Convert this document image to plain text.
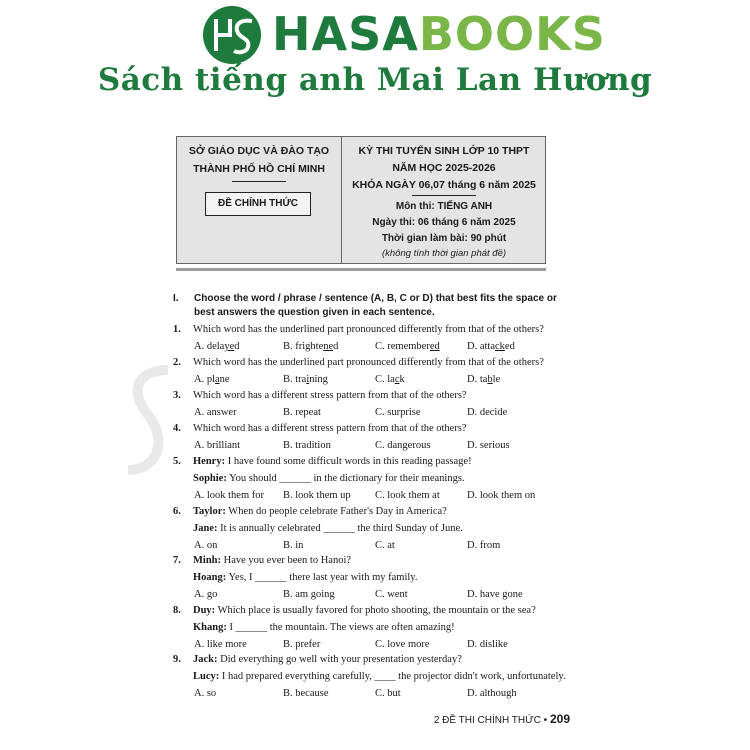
HASABOOKS
Sách tiếng anh Mai Lan Hương
SỞ GIÁO DỤC VÀ ĐÀO TẠO
THÀNH PHỐ HỒ CHÍ MINH
ĐỀ CHÍNH THỨC
KỲ THI TUYỂN SINH LỚP 10 THPT
NĂM HỌC 2025-2026
KHÓA NGÀY 06,07 tháng 6 năm 2025
Môn thi: TIẾNG ANH
Ngày thi: 06 tháng 6 năm 2025
Thời gian làm bài: 90 phút
(không tính thời gian phát đề)
I. Choose the word / phrase / sentence (A, B, C or D) that best fits the space or best answers the question given in each sentence.
1. Which word has the underlined part pronounced differently from that of the others?
A. delayed	B. frightened	C. remembered	D. attacked
2. Which word has the underlined part pronounced differently from that of the others?
A. plane	B. training	C. lack	D. table
3. Which word has a different stress pattern from that of the others?
A. answer	B. repeat	C. surprise	D. decide
4. Which word has a different stress pattern from that of the others?
A. brilliant	B. tradition	C. dangerous	D. serious
5. Henry: I have found some difficult words in this reading passage!
Sophie: You should ______ in the dictionary for their meanings.
A. look them for B. look them up C. look them at	D. look them on
6. Taylor: When do people celebrate Father's Day in America?
Jane: It is annually celebrated ______ the third Sunday of June.
A. on	B. in	C. at	D. from
7. Minh: Have you ever been to Hanoi?
Hoang: Yes, I ______ there last year with my family.
A. go	B. am going	C. went	D. have gone
8. Duy: Which place is usually favored for photo shooting, the mountain or the sea?
Khang: I ______ the mountain. The views are often amazing!
A. like more	B. prefer	C. love more	D. dislike
9. Jack: Did everything go well with your presentation yesterday?
Lucy: I had prepared everything carefully, ____ the projector didn't work, unfortunately.
A. so	B. because	C. but	D. although
2 ĐỀ THI CHÍNH THỨC • 209
